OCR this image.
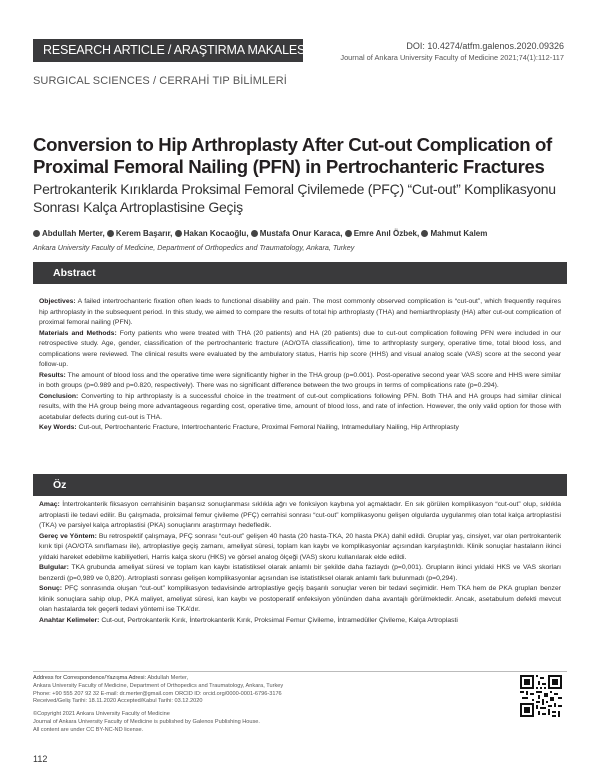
RESEARCH ARTICLE / ARAŞTIRMA MAKALESİ	DOI: 10.4274/atfm.galenos.2020.09326
Journal of Ankara University Faculty of Medicine 2021;74(1):112-117
SURGICAL SCIENCES / CERRAHİ TIP BİLİMLERİ
Conversion to Hip Arthroplasty After Cut-out Complication of
Proximal Femoral Nailing (PFN) in Pertrochanteric Fractures
Pertrokanterik Kırıklarda Proksimal Femoral Çivilemede (PFÇ) “Cut-out” Komplikasyonu
Sonrası Kalça Artroplastisine Geçiş
Abdullah Merter, Kerem Başarır, Hakan Kocaoğlu, Mustafa Onur Karaca, Emre Anıl Özbek, Mahmut Kalem
Ankara University Faculty of Medicine, Department of Orthopedics and Traumatology, Ankara, Turkey
Abstract

Objectives: A failed intertrochanteric fixation often leads to functional disability and pain. The most commonly observed complication is “cut-out”, which frequently requires hip arthroplasty in the subsequent period. In this study, we aimed to compare the results of total hip arthroplasty (THA) and hemiarthroplasty (HA) after cut-out complication of proximal femoral nailing (PFN).

Materials and Methods: Forty patients who were treated with THA (20 patients) and HA (20 patients) due to cut-out complication following PFN were included in our retrospective study. Age, gender, classification of the pertrochanteric fracture (AO/OTA classification), time to arthroplasty surgery, operative time, total blood loss, and complications were reviewed. The clinical results were evaluated by the ambulatory status, Harris hip score (HHS) and visual analog scale (VAS) score at the second year follow-up.

Results: The amount of blood loss and the operative time were significantly higher in the THA group (p=0.001). Post-operative second year VAS score and HHS were similar in both groups (p=0.989 and p=0.820, respectively). There was no significant difference between the two groups in terms of complications rate (p=0.294).

Conclusion: Converting to hip arthroplasty is a successful choice in the treatment of cut-out complications following PFN. Both THA and HA groups had similar clinical results, with the HA group being more advantageous regarding cost, operative time, amount of blood loss, and rate of infection. However, the only valid option for those with acetabular defects during cut-out is THA.

Key Words: Cut-out, Pertrochanteric Fracture, Intertrochanteric Fracture, Proximal Femoral Nailing, Intramedullary Nailing, Hip Arthroplasty

Öz

Amaç: İntertrokanterik fiksasyon cerrahisinin başarısız sonuçlanması sıklıkla ağrı ve fonksiyon kaybına yol açmaktadır. En sık görülen komplikasyon “cut-out” olup, sıklıkla artroplasti ile tedavi edilir. Bu çalışmada, proksimal femur çivileme (PFÇ) cerrahisi sonrası “cut-out” komplikasyonu gelişen olgularda uygulanmış olan total kalça artroplastisi (TKA) ve parsiyel kalça artroplastisi (PKA) sonuçlarını araştırmayı hedefledik.

Gereç ve Yöntem: Bu retrospektif çalışmaya, PFÇ sonrası “cut-out” gelişen 40 hasta (20 hasta-TKA, 20 hasta PKA) dahil edildi. Gruplar yaş, cinsiyet, var olan pertrokanterik kırık tipi (AO/OTA sınıflaması ile), artroplastiye geçiş zamanı, ameliyat süresi, toplam kan kaybı ve komplikasyonlar açısından karşılaştırıldı. Klinik sonuçlar hastaların ikinci yıldaki hareket edebilme kabiliyetleri, Harris kalça skoru (HKS) ve görsel analog ölçeği (VAS) skoru kullanılarak elde edildi.

Bulgular: TKA grubunda ameliyat süresi ve toplam kan kaybı istatistiksel olarak anlamlı bir şekilde daha fazlaydı (p=0,001). Grupların ikinci yıldaki HKS ve VAS skorları benzerdi (p=0,989 ve 0,820). Artroplasti sonrası gelişen komplikasyonlar açısından ise istatistiksel olarak anlamlı fark bulunmadı (p=0,294).

Sonuç: PFÇ sonrasında oluşan “cut-out” komplikasyon tedavisinde artroplastiye geçiş başarılı sonuçlar veren bir tedavi seçimidir. Hem TKA hem de PKA grupları benzer klinik sonuçlara sahip olup, PKA maliyet, ameliyat süresi, kan kaybı ve postoperatif enfeksiyon yönünden daha avantajlı görülmektedir. Ancak, asetabulum defekti mevcut olan hastalarda tek geçerli tedavi yöntemi ise TKA’dır.

Anahtar Kelimeler: Cut-out, Pertrokanterik Kırık, İntertrokanterik Kırık, Proksimal Femur Çivileme, İntramedüller Çivileme, Kalça Artroplasti

Address for Correspondence/Yazışma Adresi: Abdullah Merter,

Ankara University Faculty of Medicine, Department of Orthopedics and Traumatology, Ankara, Turkey

Phone: +90 555 207 92 32 E-mail: dr.merter@gmail.com ORCID ID: orcid.org/0000-0001-6796-3176

Received/Geliş Tarihi: 18.11.2020 Accepted/Kabul Tarihi: 03.12.2020

©Copyright 2021 Ankara University Faculty of Medicine

Journal of Ankara University Faculty of Medicine is published by Galenos Publishing House.

All content are under CC BY-NC-ND license.

112
